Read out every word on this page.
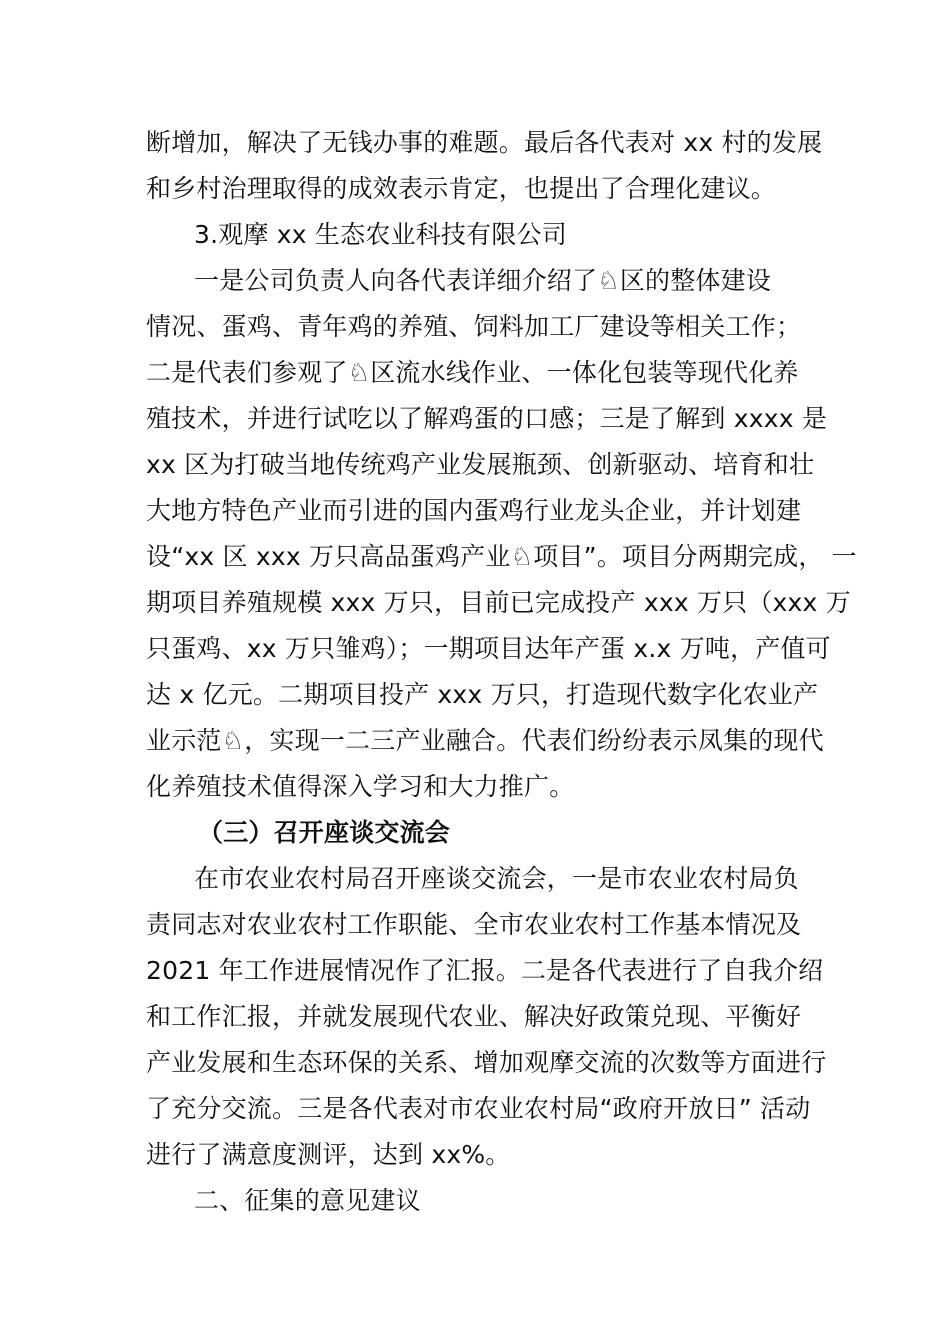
断增加，解决了无钱办事的难题。最后各代表对 xx 村的发展
和乡村治理取得的成效表示肯定，也提出了合理化建议。
3.观摩 xx 生态农业科技有限公司
一是公司负责人向各代表详细介绍了♘区的整体建设
情况、蛋鸡、青年鸡的养殖、饲料加工厂建设等相关工作；
二是代表们参观了♘区流水线作业、一体化包装等现代化养
殖技术，并进行试吃以了解鸡蛋的口感；三是了解到 xxxx 是
xx 区为打破当地传统鸡产业发展瓶颈、创新驱动、培育和壮
大地方特色产业而引进的国内蛋鸡行业龙头企业，并计划建
设“xx 区 xxx 万只高品蛋鸡产业♘项目”。项目分两期完成， 一
期项目养殖规模 xxx 万只，目前已完成投产 xxx 万只（xxx 万
只蛋鸡、xx 万只雏鸡）；一期项目达年产蛋 x.x 万吨，产值可
达 x 亿元。二期项目投产 xxx 万只，打造现代数字化农业产
业示范♘，实现一二三产业融合。代表们纷纷表示凤集的现代
化养殖技术值得深入学习和大力推广。
（三）召开座谈交流会
在市农业农村局召开座谈交流会，一是市农业农村局负
责同志对农业农村工作职能、全市农业农村工作基本情况及
2021 年工作进展情况作了汇报。二是各代表进行了自我介绍
和工作汇报，并就发展现代农业、解决好政策兑现、平衡好
产业发展和生态环保的关系、增加观摩交流的次数等方面进行
了充分交流。三是各代表对市农业农村局“政府开放日” 活动
进行了满意度测评，达到 xx%。
二、征集的意见建议
